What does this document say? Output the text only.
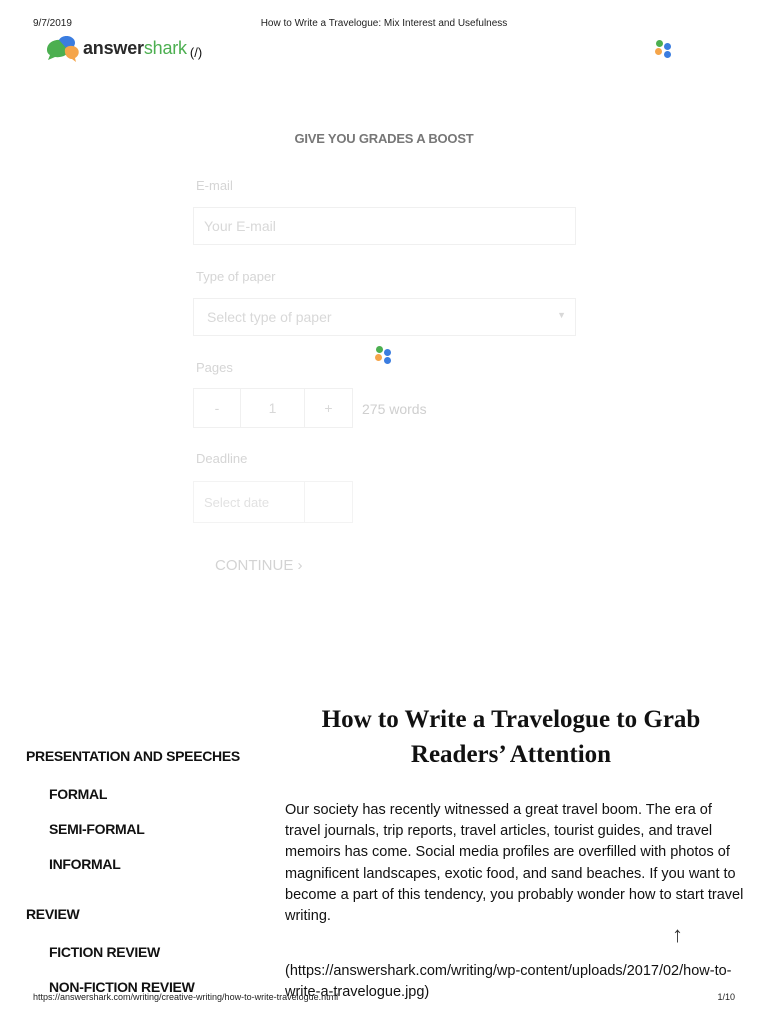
9/7/2019	How to Write a Travelogue: Mix Interest and Usefulness
answershark (/)
GIVE YOU GRADES A BOOST
E-mail
Your E-mail
Type of paper
Select type of paper	▼
Pages
-	1	+	275 words
Deadline
Select date
CONTINUE ›
PRESENTATION AND SPEECHES
FORMAL
SEMI-FORMAL
INFORMAL
REVIEW
FICTION REVIEW
NON-FICTION REVIEW
How to Write a Travelogue to Grab Readers’ Attention

Our society has recently witnessed a great travel boom. The era of travel journals, trip reports, travel articles, tourist guides, and travel memoirs has come. Social media profiles are overfilled with photos of magnificent landscapes, exotic food, and sand beaches. If you want to become a part of this tendency, you probably wonder how to start travel writing.

(https://answershark.com/writing/wp-content/uploads/2017/02/how-to-write-a-travelogue.jpg)
↑
https://answershark.com/writing/creative-writing/how-to-write-travelogue.html	1/10
